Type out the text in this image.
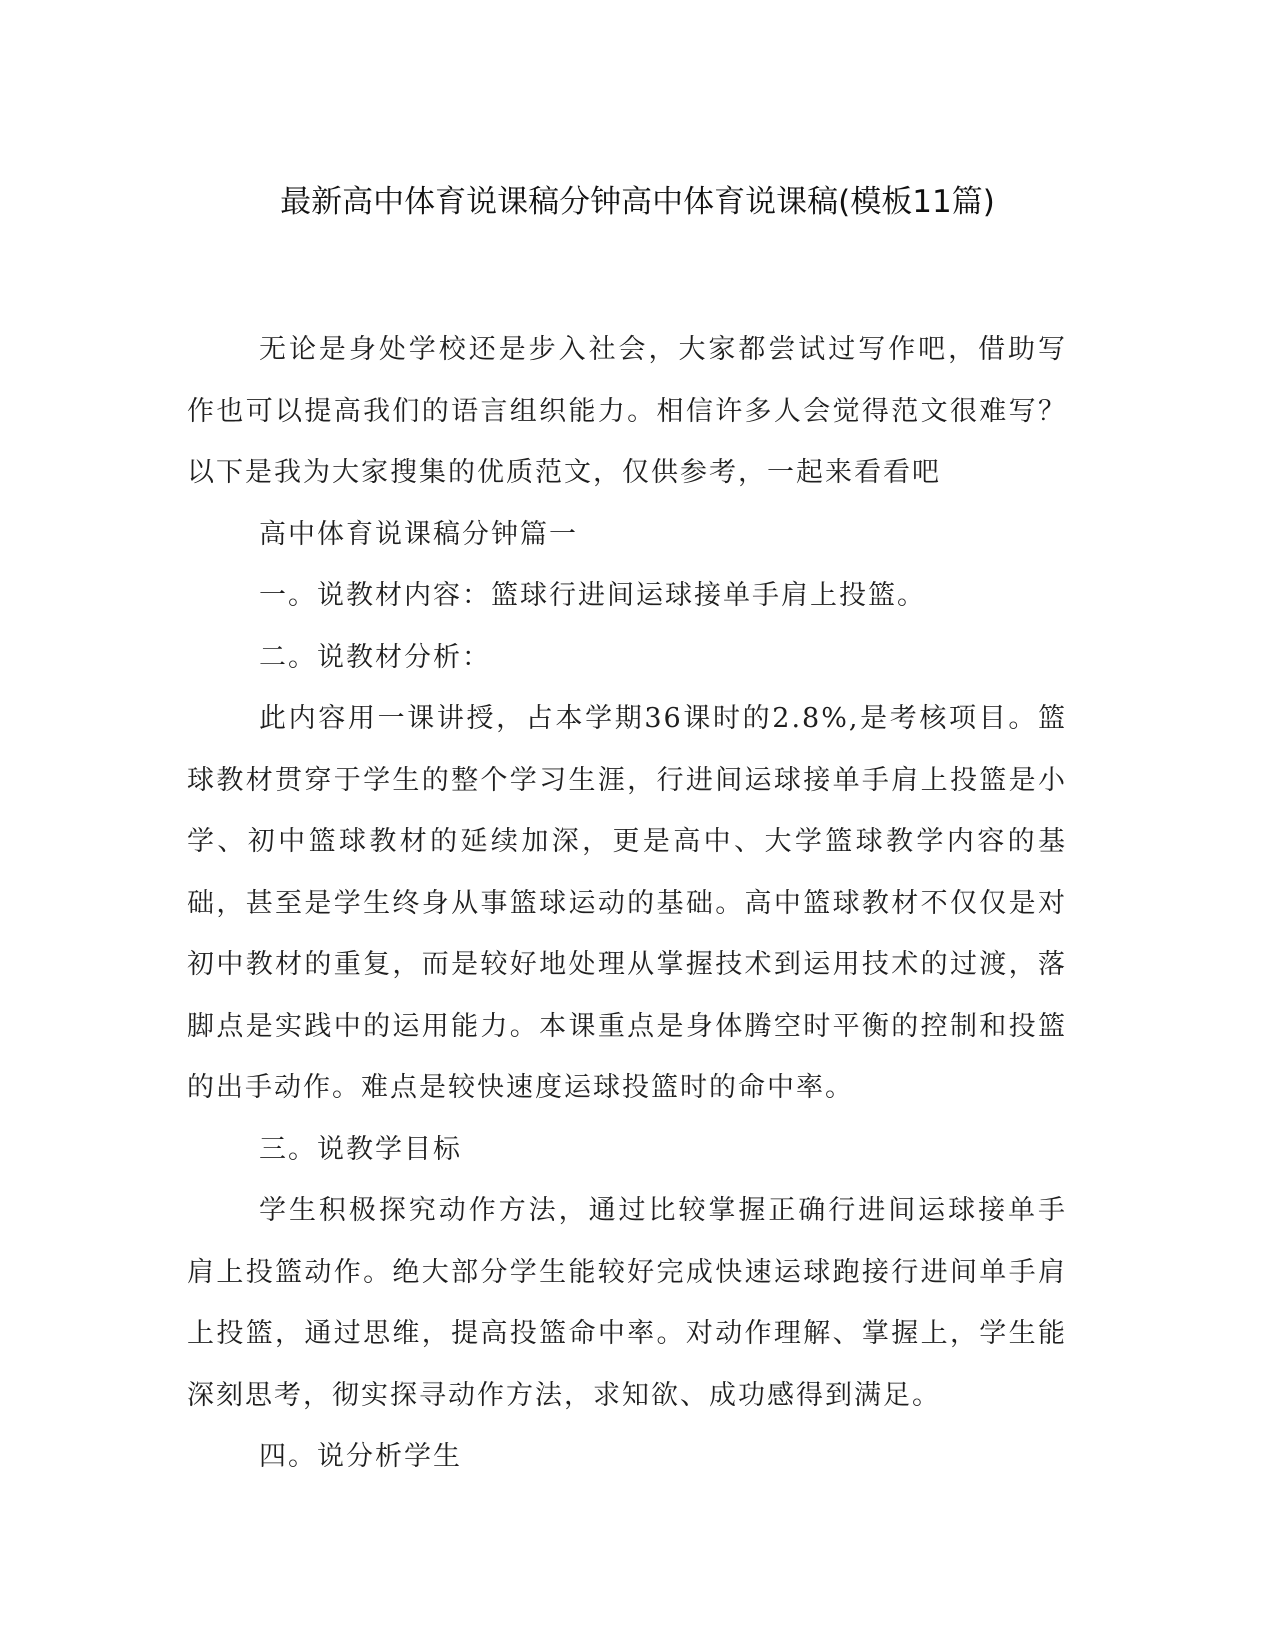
最新高中体育说课稿分钟高中体育说课稿(模板11篇)

无论是身处学校还是步入社会，大家都尝试过写作吧，借助写作也可以提高我们的语言组织能力。相信许多人会觉得范文很难写？以下是我为大家搜集的优质范文，仅供参考，一起来看看吧

高中体育说课稿分钟篇一

一。说教材内容：篮球行进间运球接单手肩上投篮。

二。说教材分析：

此内容用一课讲授，占本学期36课时的2.8%,是考核项目。篮球教材贯穿于学生的整个学习生涯，行进间运球接单手肩上投篮是小学、初中篮球教材的延续加深，更是高中、大学篮球教学内容的基础，甚至是学生终身从事篮球运动的基础。高中篮球教材不仅仅是对初中教材的重复，而是较好地处理从掌握技术到运用技术的过渡，落脚点是实践中的运用能力。本课重点是身体腾空时平衡的控制和投篮的出手动作。难点是较快速度运球投篮时的命中率。

三。说教学目标

学生积极探究动作方法，通过比较掌握正确行进间运球接单手肩上投篮动作。绝大部分学生能较好完成快速运球跑接行进间单手肩上投篮，通过思维，提高投篮命中率。对动作理解、掌握上，学生能深刻思考，彻实探寻动作方法，求知欲、成功感得到满足。

四。说分析学生
